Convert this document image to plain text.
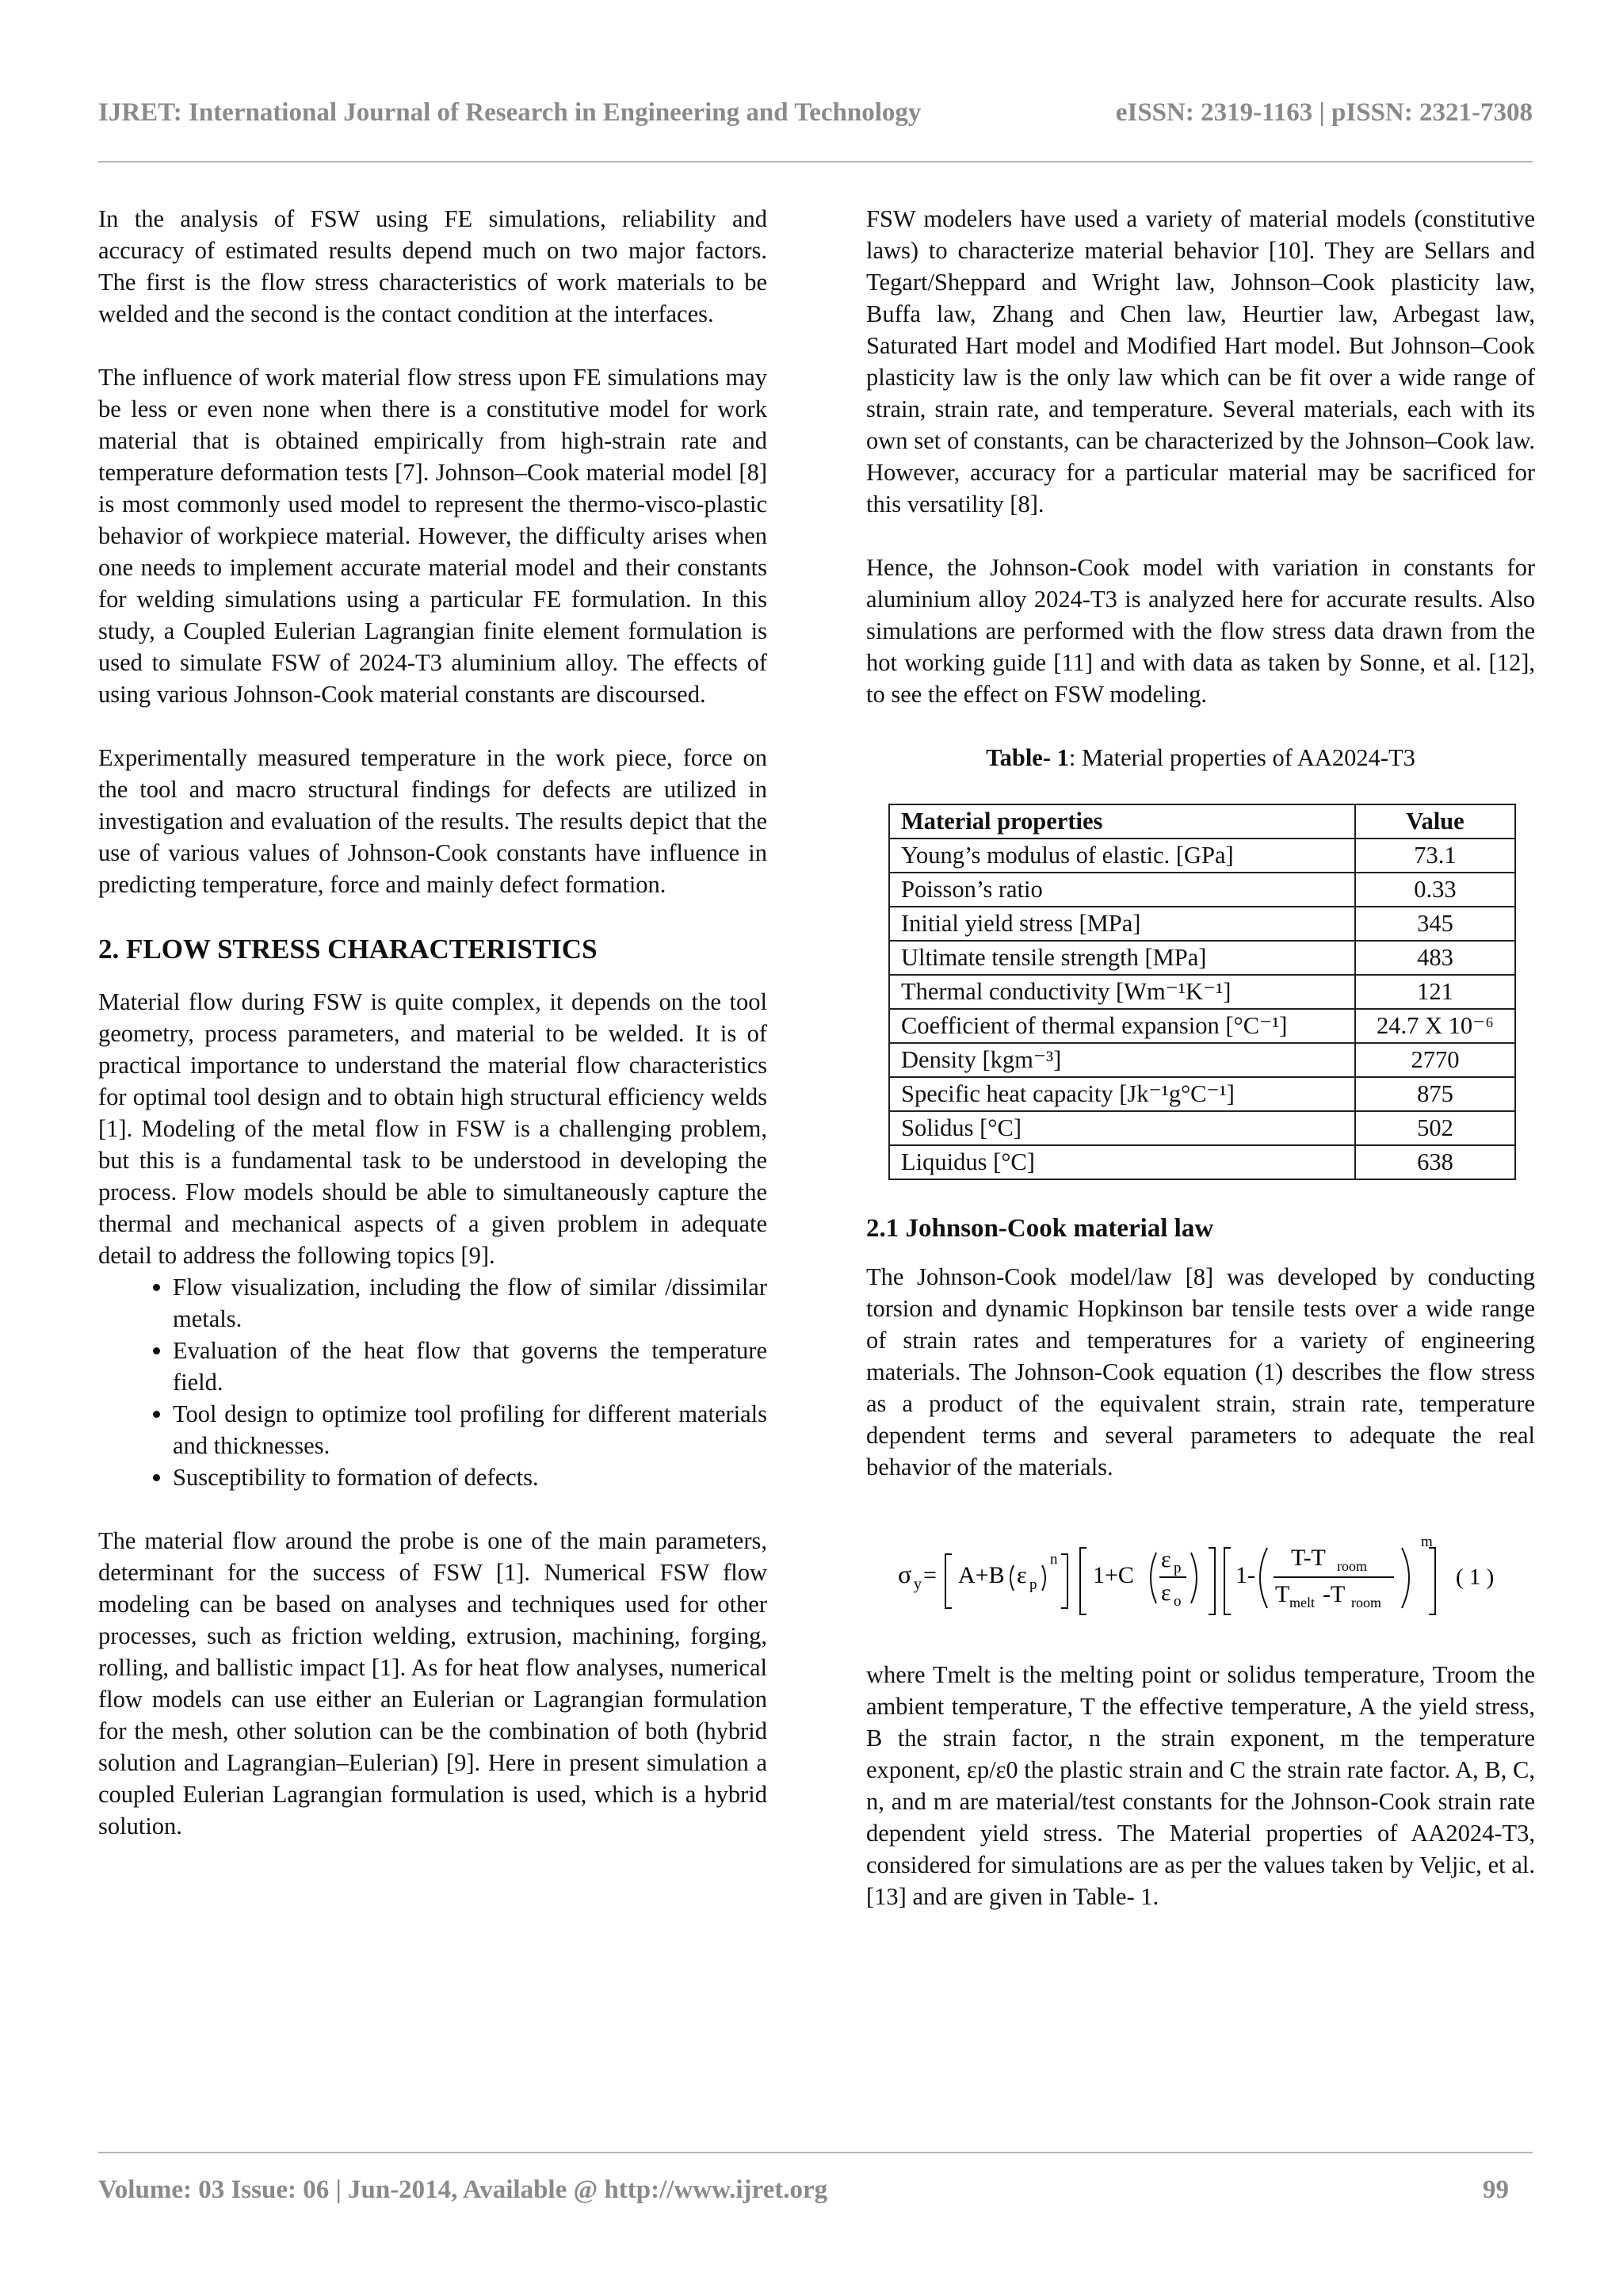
IJRET: International Journal of Research in Engineering and Technology	eISSN: 2319-1163 | pISSN: 2321-7308

In the analysis of FSW using FE simulations, reliability and accuracy of estimated results depend much on two major factors. The first is the flow stress characteristics of work materials to be welded and the second is the contact condition at the interfaces.

The influence of work material flow stress upon FE simulations may be less or even none when there is a constitutive model for work material that is obtained empirically from high-strain rate and temperature deformation tests [7]. Johnson–Cook material model [8] is most commonly used model to represent the thermo-visco-plastic behavior of workpiece material. However, the difficulty arises when one needs to implement accurate material model and their constants for welding simulations using a particular FE formulation. In this study, a Coupled Eulerian Lagrangian finite element formulation is used to simulate FSW of 2024-T3 aluminium alloy. The effects of using various Johnson-Cook material constants are discoursed.

Experimentally measured temperature in the work piece, force on the tool and macro structural findings for defects are utilized in investigation and evaluation of the results. The results depict that the use of various values of Johnson-Cook constants have influence in predicting temperature, force and mainly defect formation.

2. FLOW STRESS CHARACTERISTICS

Material flow during FSW is quite complex, it depends on the tool geometry, process parameters, and material to be welded. It is of practical importance to understand the material flow characteristics for optimal tool design and to obtain high structural efficiency welds [1]. Modeling of the metal flow in FSW is a challenging problem, but this is a fundamental task to be understood in developing the process. Flow models should be able to simultaneously capture the thermal and mechanical aspects of a given problem in adequate detail to address the following topics [9].

• Flow visualization, including the flow of similar /dissimilar metals.
• Evaluation of the heat flow that governs the temperature field.
• Tool design to optimize tool profiling for different materials and thicknesses.
• Susceptibility to formation of defects.

The material flow around the probe is one of the main parameters, determinant for the success of FSW [1]. Numerical FSW flow modeling can be based on analyses and techniques used for other processes, such as friction welding, extrusion, machining, forging, rolling, and ballistic impact [1]. As for heat flow analyses, numerical flow models can use either an Eulerian or Lagrangian formulation for the mesh, other solution can be the combination of both (hybrid solution and Lagrangian–Eulerian) [9]. Here in present simulation a coupled Eulerian Lagrangian formulation is used, which is a hybrid solution.

FSW modelers have used a variety of material models (constitutive laws) to characterize material behavior [10]. They are Sellars and Tegart/Sheppard and Wright law, Johnson–Cook plasticity law, Buffa law, Zhang and Chen law, Heurtier law, Arbegast law, Saturated Hart model and Modified Hart model. But Johnson–Cook plasticity law is the only law which can be fit over a wide range of strain, strain rate, and temperature. Several materials, each with its own set of constants, can be characterized by the Johnson–Cook law. However, accuracy for a particular material may be sacrificed for this versatility [8].

Hence, the Johnson-Cook model with variation in constants for aluminium alloy 2024-T3 is analyzed here for accurate results. Also simulations are performed with the flow stress data drawn from the hot working guide [11] and with data as taken by Sonne, et al. [12], to see the effect on FSW modeling.

Table- 1: Material properties of AA2024-T3
Material properties	Value
Young’s modulus of elastic. [GPa]	73.1
Poisson’s ratio	0.33
Initial yield stress [MPa]	345
Ultimate tensile strength [MPa]	483
Thermal conductivity [Wm⁻¹K⁻¹]	121
Coefficient of thermal expansion [°C⁻¹]	24.7 X 10⁻⁶
Density [kgm⁻³]	2770
Specific heat capacity [Jk⁻¹g°C⁻¹]	875
Solidus [°C]	502
Liquidus [°C]	638
2.1 Johnson-Cook material law

The Johnson-Cook model/law [8] was developed by conducting torsion and dynamic Hopkinson bar tensile tests over a wide range of strain rates and temperatures for a variety of engineering materials. The Johnson-Cook equation (1) describes the flow stress as a product of the equivalent strain, strain rate, temperature dependent terms and several parameters to adequate the real behavior of the materials.

σ y = A+B ε p
n
1+C
ε p
ε o
1-
T-T room
T melt -T room
m
( 1 )

where Tmelt is the melting point or solidus temperature, Troom the ambient temperature, T the effective temperature, A the yield stress, B the strain factor, n the strain exponent, m the temperature exponent, εp/ε0 the plastic strain and C the strain rate factor. A, B, C, n, and m are material/test constants for the Johnson-Cook strain rate dependent yield stress. The Material properties of AA2024-T3, considered for simulations are as per the values taken by Veljic, et al. [13] and are given in Table- 1.

Volume: 03 Issue: 06 | Jun-2014, Available @ http://www.ijret.org	99
